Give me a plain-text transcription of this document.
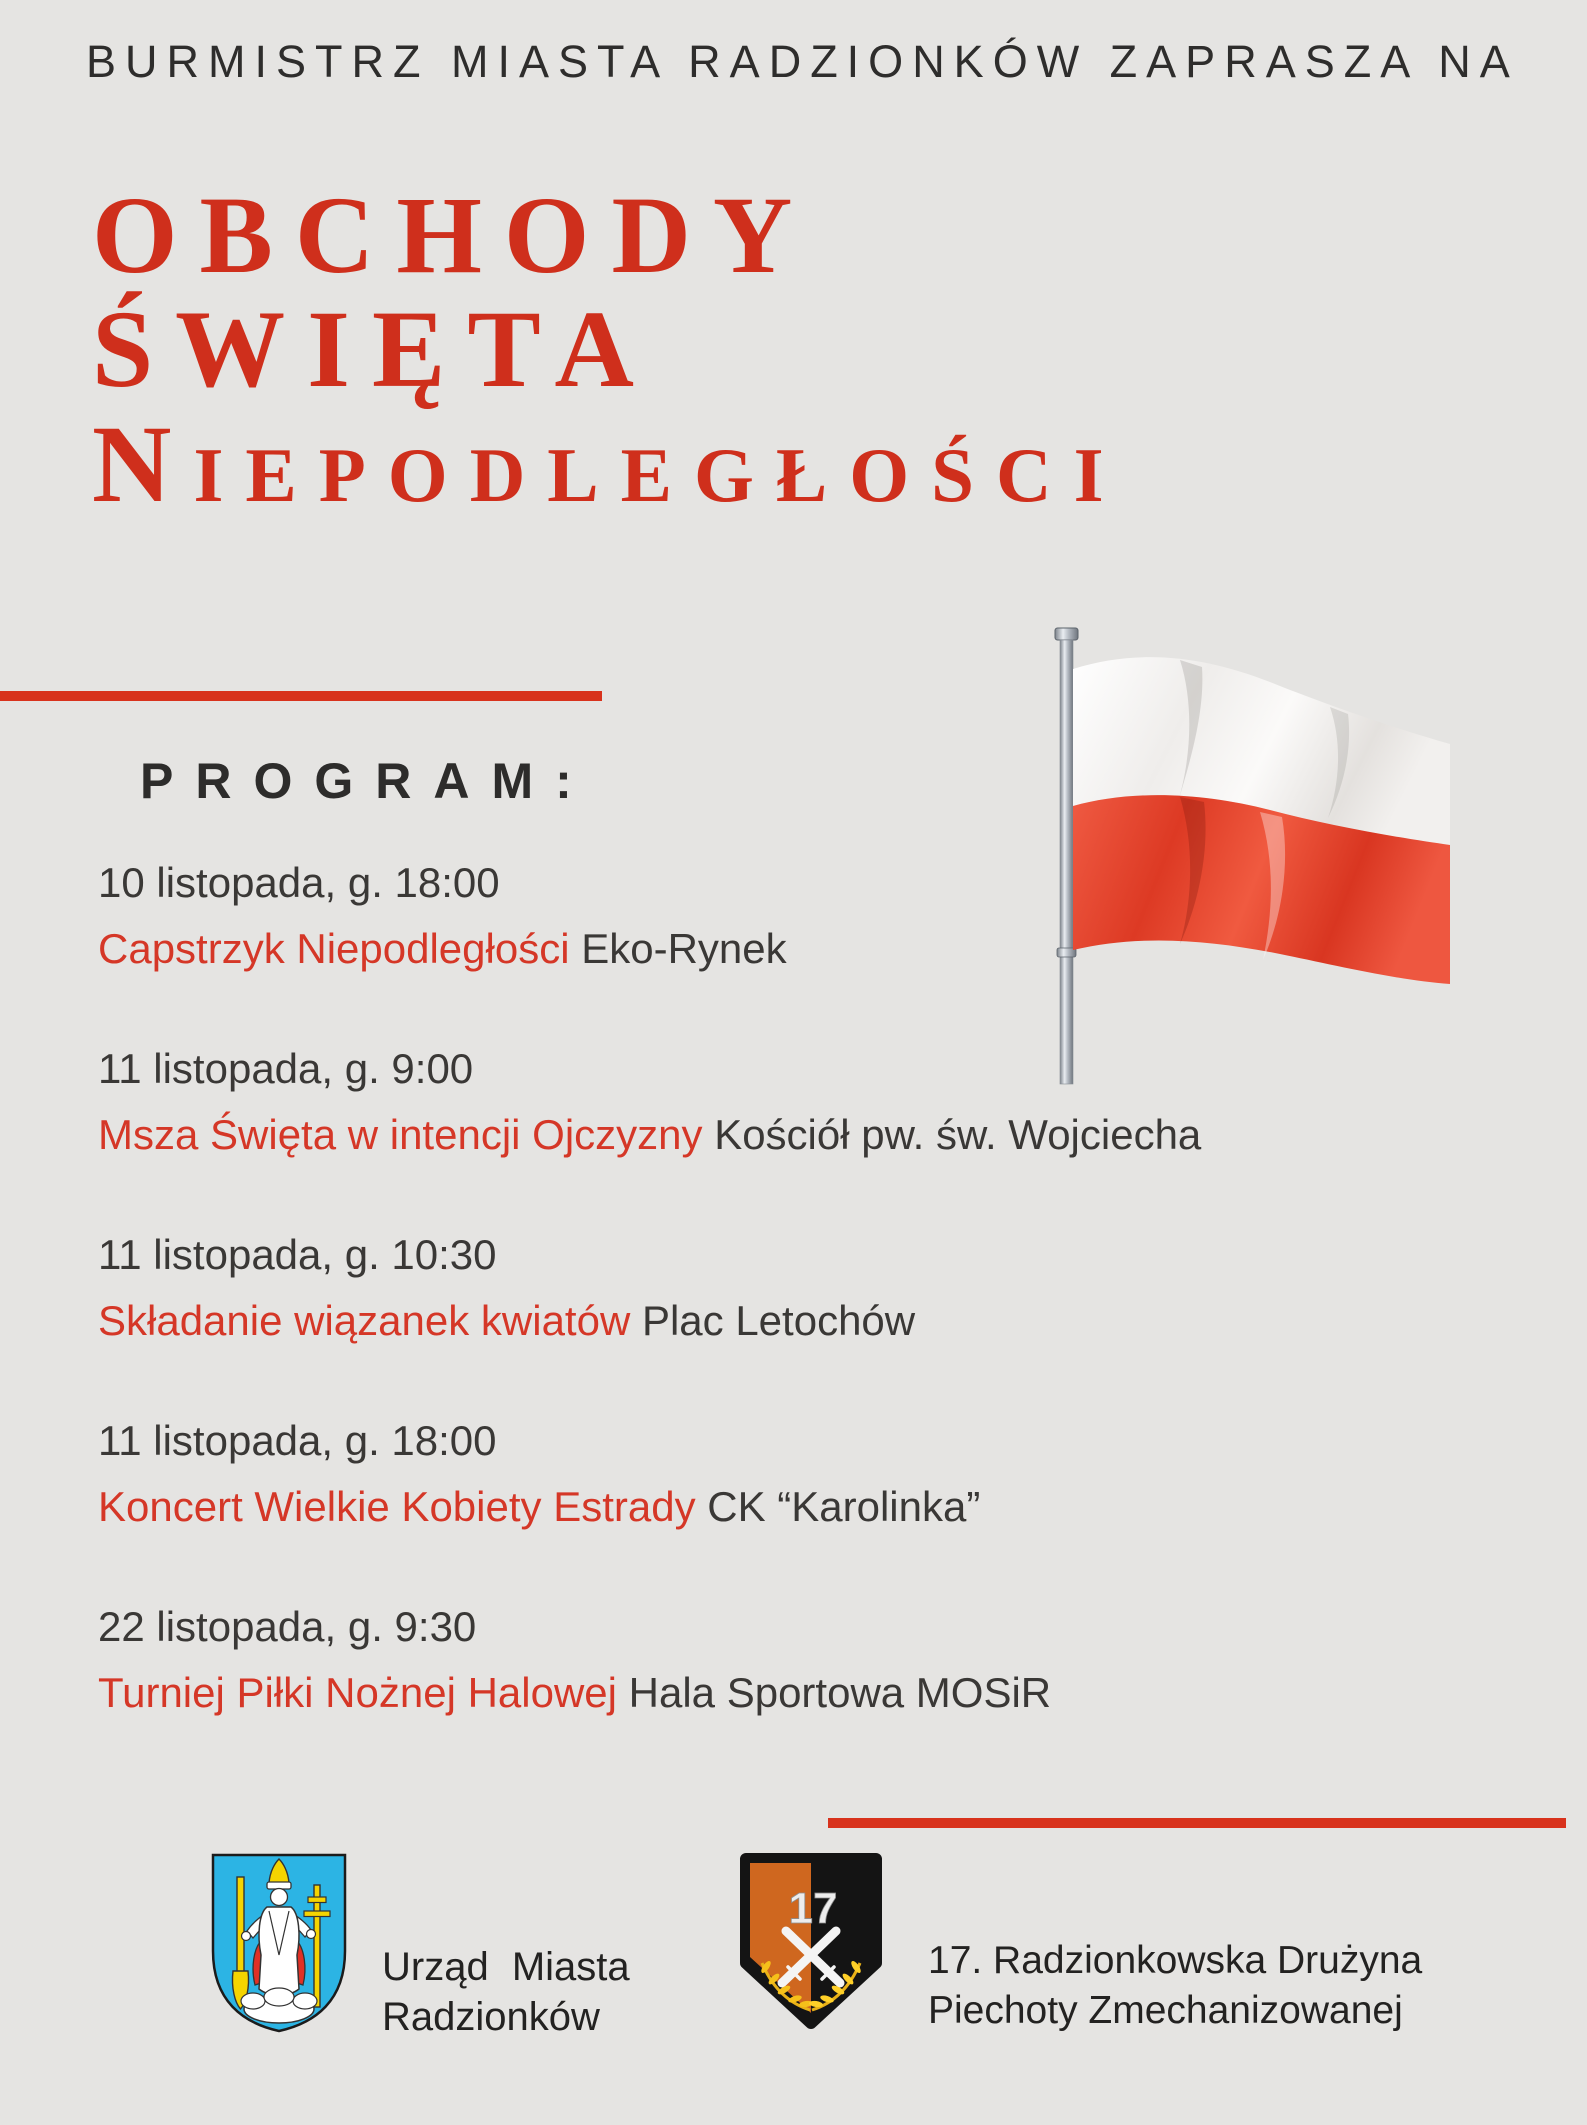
BURMISTRZ MIASTA RADZIONKÓW ZAPRASZA NA
OBCHODY
ŚWIĘTA
Niepodległości
PROGRAM:
10 listopada, g. 18:00
Capstrzyk Niepodległości Eko-Rynek
11 listopada, g. 9:00
Msza Święta w intencji Ojczyzny Kościół pw. św. Wojciecha
11 listopada, g. 10:30
Składanie wiązanek kwiatów Plac Letochów
11 listopada, g. 18:00
Koncert Wielkie Kobiety Estrady CK “Karolinka”
22 listopada, g. 9:30
Turniej Piłki Nożnej Halowej Hala Sportowa MOSiR
Urząd Miasta
Radzionków
17
17. Radzionkowska Drużyna
Piechoty Zmechanizowanej
